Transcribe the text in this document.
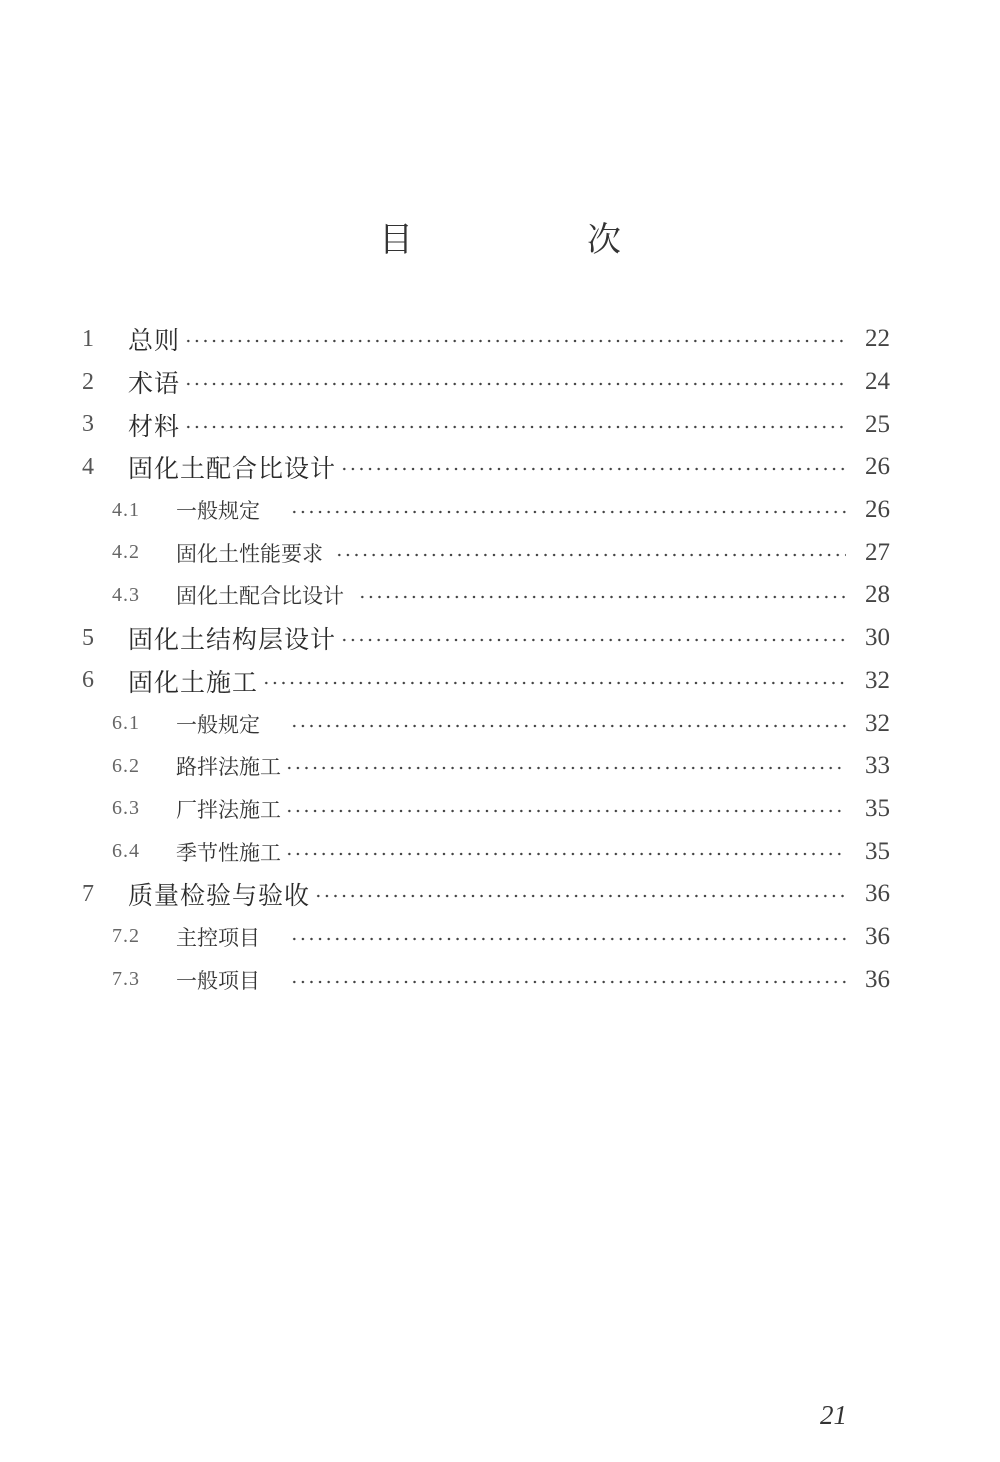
目　次
1	总则	22
2	术语	24
3	材料	25
4	固化土配合比设计	26
4.1	一般规定	26
4.2	固化土性能要求	27
4.3	固化土配合比设计	28
5	固化土结构层设计	30
6	固化土施工	32
6.1	一般规定	32
6.2	路拌法施工	33
6.3	厂拌法施工	35
6.4	季节性施工	35
7	质量检验与验收	36
7.2	主控项目	36
7.3	一般项目	36
21
